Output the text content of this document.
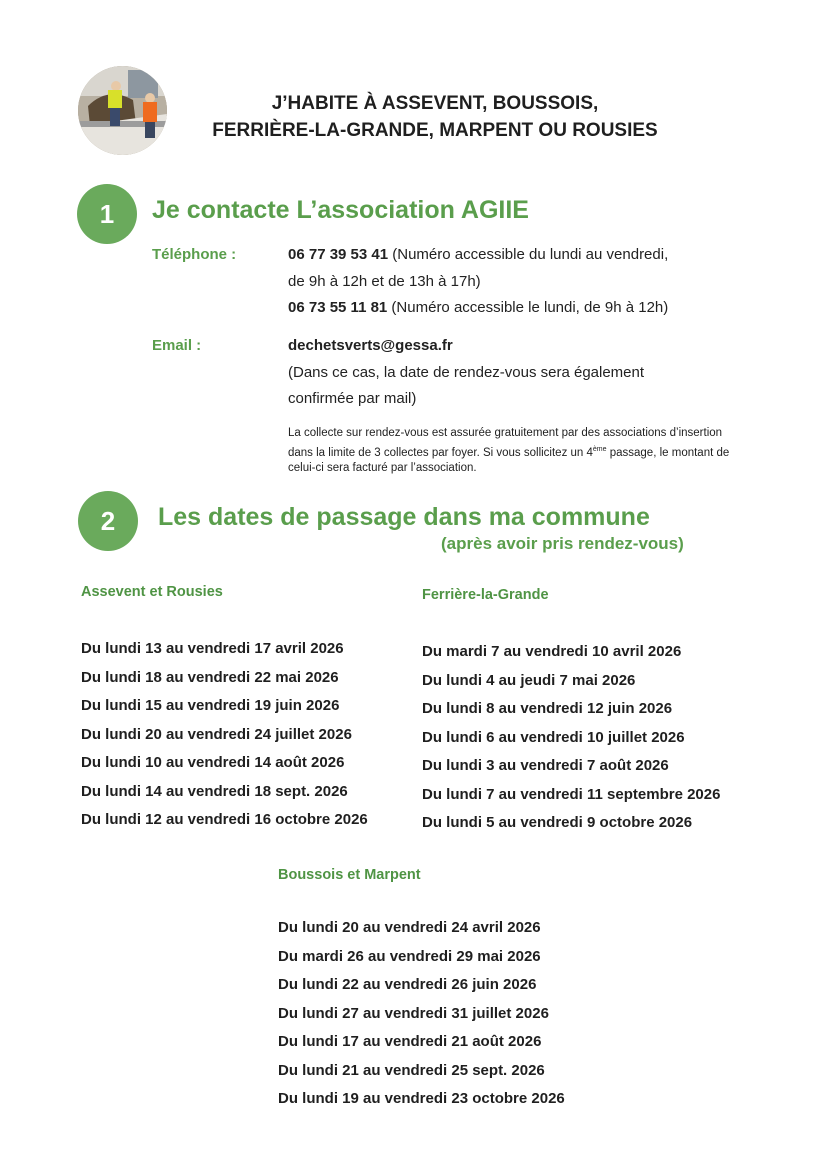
J’HABITE À ASSEVENT, BOUSSOIS,
FERRIÈRE-LA-GRANDE, MARPENT OU ROUSIES
1	Je contacte L’association AGIIE
Téléphone :	06 77 39 53 41 (Numéro accessible du lundi au vendredi,
de 9h à 12h et de 13h à 17h)
06 73 55 11 81 (Numéro accessible le lundi, de 9h à 12h)
Email :	dechetsverts@gessa.fr
(Dans ce cas, la date de rendez-vous sera également
confirmée par mail)
La collecte sur rendez-vous est assurée gratuitement par des associations d’insertion dans la limite de 3 collectes par foyer. Si vous sollicitez un 4ème passage, le montant de celui-ci sera facturé par l’association.
2	Les dates de passage dans ma commune
(après avoir pris rendez-vous)
Assevent et Rousies
Du lundi 13 au vendredi 17 avril 2026
Du lundi 18 au vendredi 22 mai 2026
Du lundi 15 au vendredi 19 juin 2026
Du lundi 20 au vendredi 24 juillet 2026
Du lundi 10 au vendredi 14 août 2026
Du lundi 14 au vendredi 18 sept. 2026
Du lundi 12 au vendredi 16 octobre 2026
Ferrière-la-Grande
Du mardi 7 au vendredi 10 avril 2026
Du lundi 4 au jeudi 7 mai 2026
Du lundi 8 au vendredi 12 juin 2026
Du lundi 6 au vendredi 10 juillet 2026
Du lundi 3 au vendredi 7 août 2026
Du lundi 7 au vendredi 11 septembre 2026
Du lundi 5 au vendredi 9 octobre 2026
Boussois et Marpent
Du lundi 20 au vendredi 24 avril 2026
Du mardi 26 au vendredi 29 mai 2026
Du lundi 22 au vendredi 26 juin 2026
Du lundi 27 au vendredi 31 juillet 2026
Du lundi 17 au vendredi 21 août 2026
Du lundi 21 au vendredi 25 sept. 2026
Du lundi 19 au vendredi 23 octobre 2026
